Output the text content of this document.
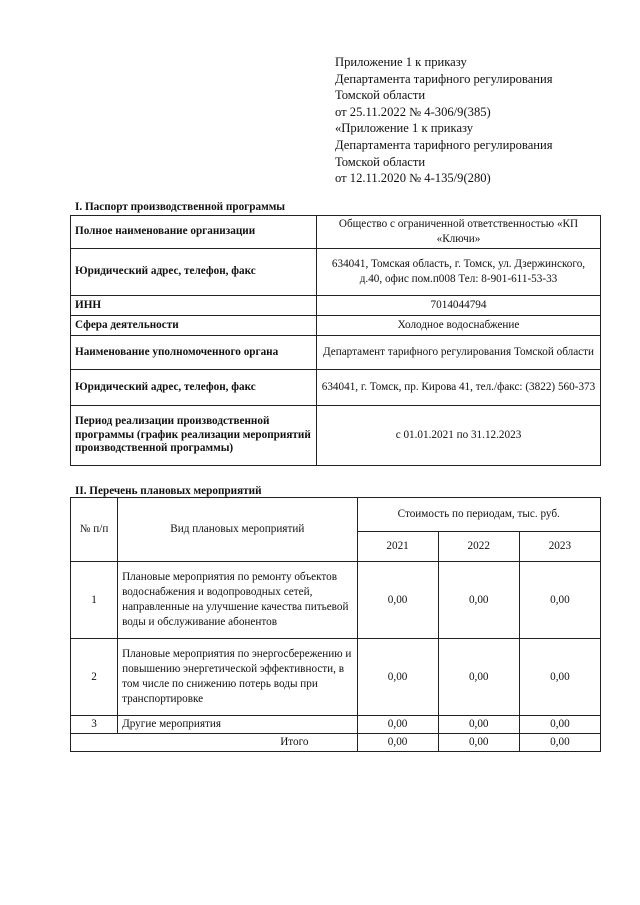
Приложение 1 к приказу
Департамента тарифного регулирования
Томской области
от 25.11.2022 № 4-306/9(385)
«Приложение 1 к приказу
Департамента тарифного регулирования
Томской области
от 12.11.2020 № 4-135/9(280)
I. Паспорт производственной программы
Полное наименование организации	Общество с ограниченной ответственностью «КП «Ключи»
Юридический адрес, телефон, факс	634041, Томская область, г. Томск, ул. Дзержинского, д.40, офис пом.п008 Тел: 8-901-611-53-33
ИНН	7014044794
Сфера деятельности	Холодное водоснабжение
Наименование уполномоченного органа	Департамент тарифного регулирования Томской области
Юридический адрес, телефон, факс	634041, г. Томск, пр. Кирова 41, тел./факс: (3822) 560-373
Период реализации производственной программы (график реализации мероприятий производственной программы)	с 01.01.2021 по 31.12.2023
II. Перечень плановых мероприятий
№ п/п	Вид плановых мероприятий	Стоимость по периодам, тыс. руб.		
		2021	2022	2023
1	Плановые мероприятия по ремонту объектов водоснабжения и водопроводных сетей, направленные на улучшение качества питьевой воды и обслуживание абонентов	0,00	0,00	0,00
2	Плановые мероприятия по энергосбережению и повышению энергетической эффективности, в том числе по снижению потерь воды при транспортировке	0,00	0,00	0,00
3	Другие мероприятия	0,00	0,00	0,00
Итого		0,00	0,00	0,00
